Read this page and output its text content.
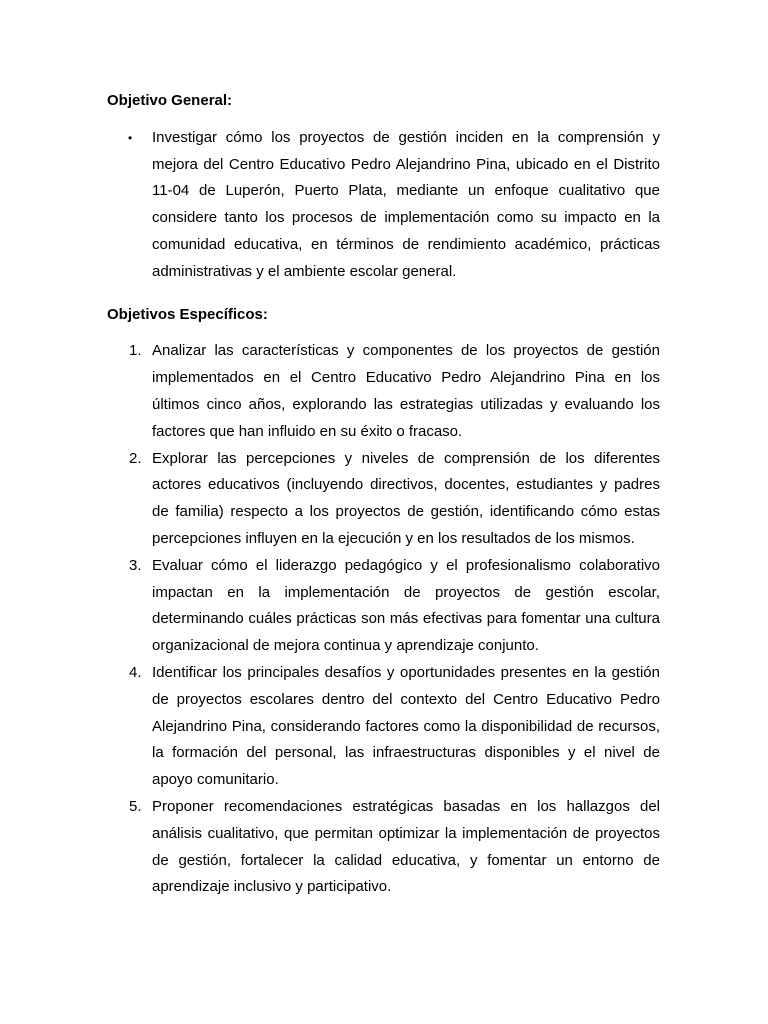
Objetivo General:

• Investigar cómo los proyectos de gestión inciden en la comprensión y mejora del Centro Educativo Pedro Alejandrino Pina, ubicado en el Distrito 11-04 de Luperón, Puerto Plata, mediante un enfoque cualitativo que considere tanto los procesos de implementación como su impacto en la comunidad educativa, en términos de rendimiento académico, prácticas administrativas y el ambiente escolar general.

Objetivos Específicos:

1. Analizar las características y componentes de los proyectos de gestión implementados en el Centro Educativo Pedro Alejandrino Pina en los últimos cinco años, explorando las estrategias utilizadas y evaluando los factores que han influido en su éxito o fracaso.
2. Explorar las percepciones y niveles de comprensión de los diferentes actores educativos (incluyendo directivos, docentes, estudiantes y padres de familia) respecto a los proyectos de gestión, identificando cómo estas percepciones influyen en la ejecución y en los resultados de los mismos.
3. Evaluar cómo el liderazgo pedagógico y el profesionalismo colaborativo impactan en la implementación de proyectos de gestión escolar, determinando cuáles prácticas son más efectivas para fomentar una cultura organizacional de mejora continua y aprendizaje conjunto.
4. Identificar los principales desafíos y oportunidades presentes en la gestión de proyectos escolares dentro del contexto del Centro Educativo Pedro Alejandrino Pina, considerando factores como la disponibilidad de recursos, la formación del personal, las infraestructuras disponibles y el nivel de apoyo comunitario.
5. Proponer recomendaciones estratégicas basadas en los hallazgos del análisis cualitativo, que permitan optimizar la implementación de proyectos de gestión, fortalecer la calidad educativa, y fomentar un entorno de aprendizaje inclusivo y participativo.
